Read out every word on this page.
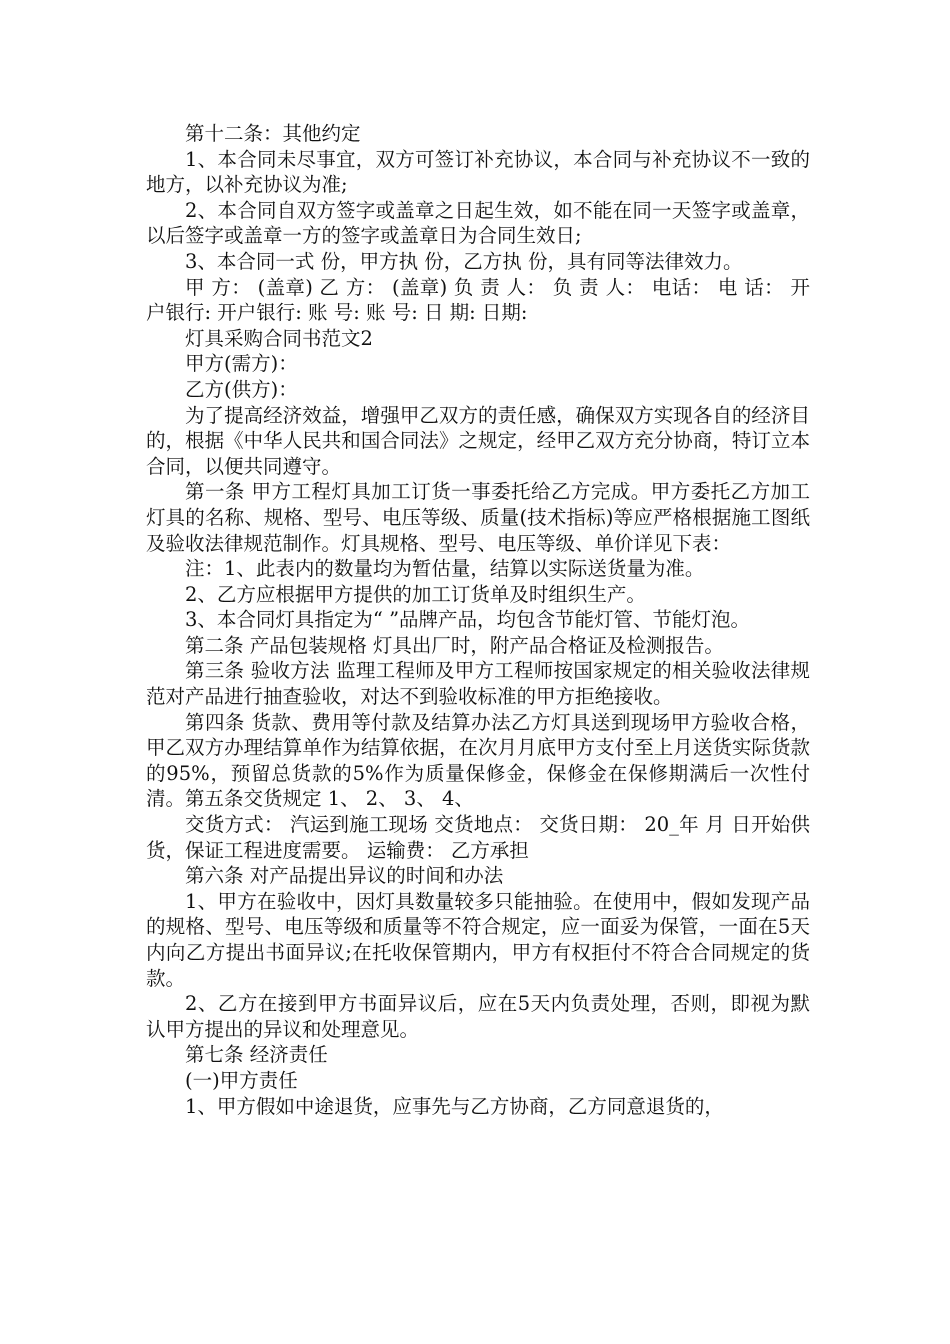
第十二条：其他约定

1、本合同未尽事宜，双方可签订补充协议，本合同与补充协议不一致的地方，以补充协议为准;

2、本合同自双方签字或盖章之日起生效，如不能在同一天签字或盖章，以后签字或盖章一方的签字或盖章日为合同生效日;

3、本合同一式 份，甲方执 份，乙方执 份，具有同等法律效力。

甲 方： (盖章) 乙 方： (盖章) 负 责 人： 负 责 人： 电话： 电 话： 开户银行: 开户银行: 账 号: 账 号: 日 期: 日期:

灯具采购合同书范文2

甲方(需方)：

乙方(供方)：

为了提高经济效益，增强甲乙双方的责任感，确保双方实现各自的经济目的，根据《中华人民共和国合同法》之规定，经甲乙双方充分协商，特订立本合同，以便共同遵守。

第一条 甲方工程灯具加工订货一事委托给乙方完成。甲方委托乙方加工灯具的名称、规格、型号、电压等级、质量(技术指标)等应严格根据施工图纸及验收法律规范制作。灯具规格、型号、电压等级、单价详见下表：

注：1、此表内的数量均为暂估量，结算以实际送货量为准。

2、乙方应根据甲方提供的加工订货单及时组织生产。

3、本合同灯具指定为“ ”品牌产品，均包含节能灯管、节能灯泡。

第二条 产品包装规格 灯具出厂时，附产品合格证及检测报告。

第三条 验收方法 监理工程师及甲方工程师按国家规定的相关验收法律规范对产品进行抽查验收，对达不到验收标准的甲方拒绝接收。

第四条 货款、费用等付款及结算办法乙方灯具送到现场甲方验收合格，甲乙双方办理结算单作为结算依据，在次月月底甲方支付至上月送货实际货款的95%，预留总货款的5%作为质量保修金，保修金在保修期满后一次性付清。第五条交货规定 1、 2、 3、 4、

交货方式： 汽运到施工现场 交货地点： 交货日期： 20_年 月 日开始供货，保证工程进度需要。 运输费： 乙方承担

第六条 对产品提出异议的时间和办法

1、甲方在验收中，因灯具数量较多只能抽验。在使用中，假如发现产品的规格、型号、电压等级和质量等不符合规定，应一面妥为保管，一面在5天内向乙方提出书面异议;在托收保管期内，甲方有权拒付不符合合同规定的货款。

2、乙方在接到甲方书面异议后，应在5天内负责处理，否则，即视为默认甲方提出的异议和处理意见。

第七条 经济责任

(一)甲方责任

1、甲方假如中途退货，应事先与乙方协商，乙方同意退货的，
